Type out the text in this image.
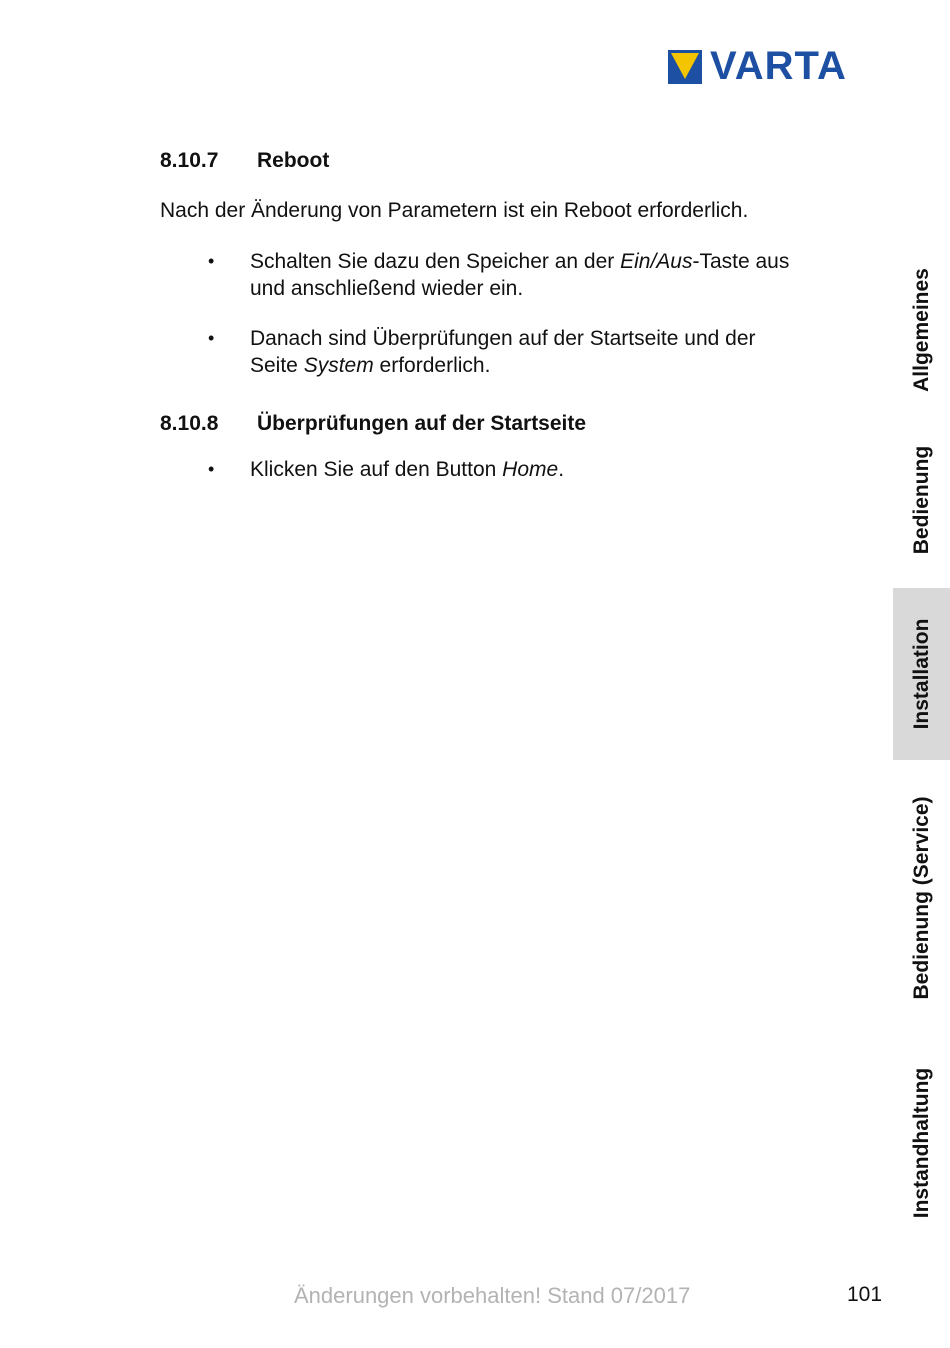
VARTA
8.10.7 Reboot
Nach der Änderung von Parametern ist ein Reboot erforderlich.
• Schalten Sie dazu den Speicher an der Ein/Aus-Taste aus
und anschließend wieder ein.
• Danach sind Überprüfungen auf der Startseite und der
Seite System erforderlich.
8.10.8 Überprüfungen auf der Startseite
• Klicken Sie auf den Button Home.
Allgemeines
Bedienung
Installation
Bedienung (Service)
Instandhaltung
Änderungen vorbehalten! Stand 07/2017	101
